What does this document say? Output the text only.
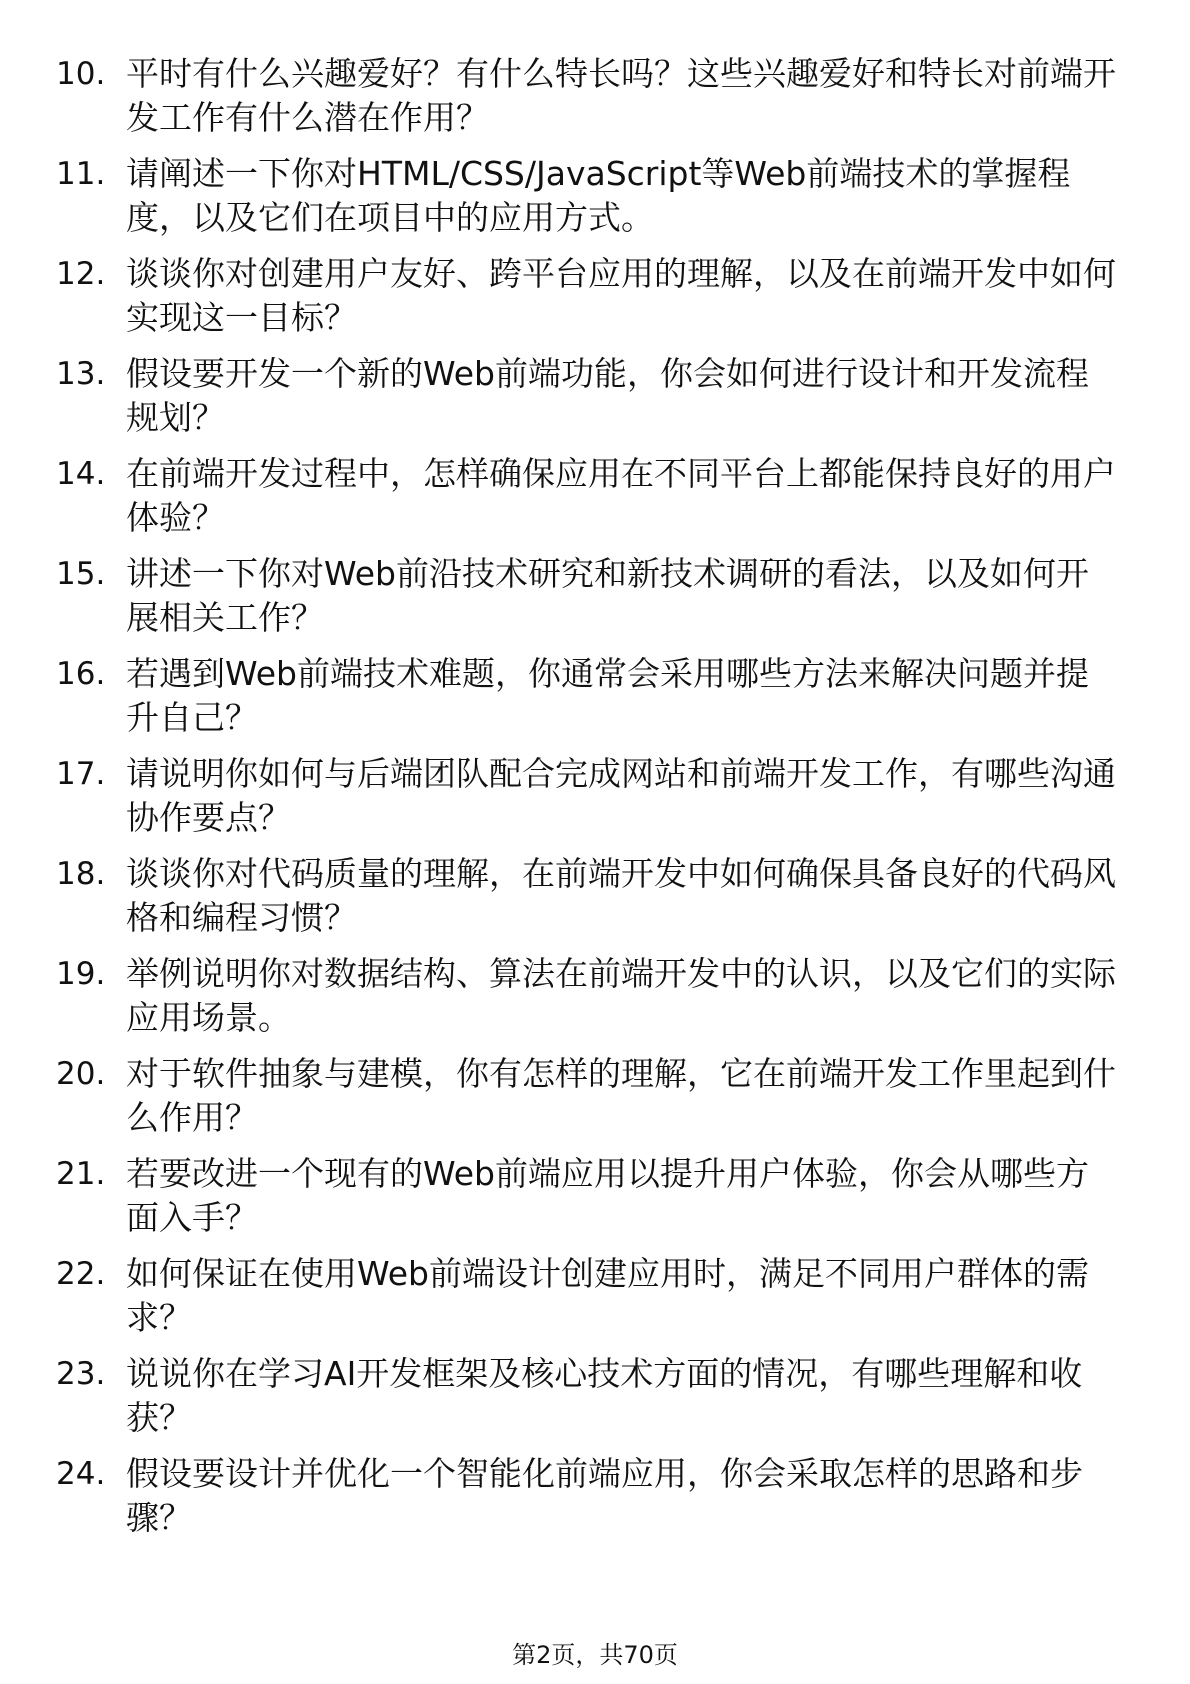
10. 平时有什么兴趣爱好？有什么特长吗？这些兴趣爱好和特长对前端开发工作有什么潜在作用？
11. 请阐述一下你对HTML/CSS/JavaScript等Web前端技术的掌握程度，以及它们在项目中的应用方式。
12. 谈谈你对创建用户友好、跨平台应用的理解，以及在前端开发中如何实现这一目标？
13. 假设要开发一个新的Web前端功能，你会如何进行设计和开发流程规划？
14. 在前端开发过程中，怎样确保应用在不同平台上都能保持良好的用户体验？
15. 讲述一下你对Web前沿技术研究和新技术调研的看法，以及如何开展相关工作？
16. 若遇到Web前端技术难题，你通常会采用哪些方法来解决问题并提升自己？
17. 请说明你如何与后端团队配合完成网站和前端开发工作，有哪些沟通协作要点？
18. 谈谈你对代码质量的理解，在前端开发中如何确保具备良好的代码风格和编程习惯？
19. 举例说明你对数据结构、算法在前端开发中的认识，以及它们的实际应用场景。
20. 对于软件抽象与建模，你有怎样的理解，它在前端开发工作里起到什么作用？
21. 若要改进一个现有的Web前端应用以提升用户体验，你会从哪些方面入手？
22. 如何保证在使用Web前端设计创建应用时，满足不同用户群体的需求？
23. 说说你在学习AI开发框架及核心技术方面的情况，有哪些理解和收获？
24. 假设要设计并优化一个智能化前端应用，你会采取怎样的思路和步骤？
第2页，共70页
